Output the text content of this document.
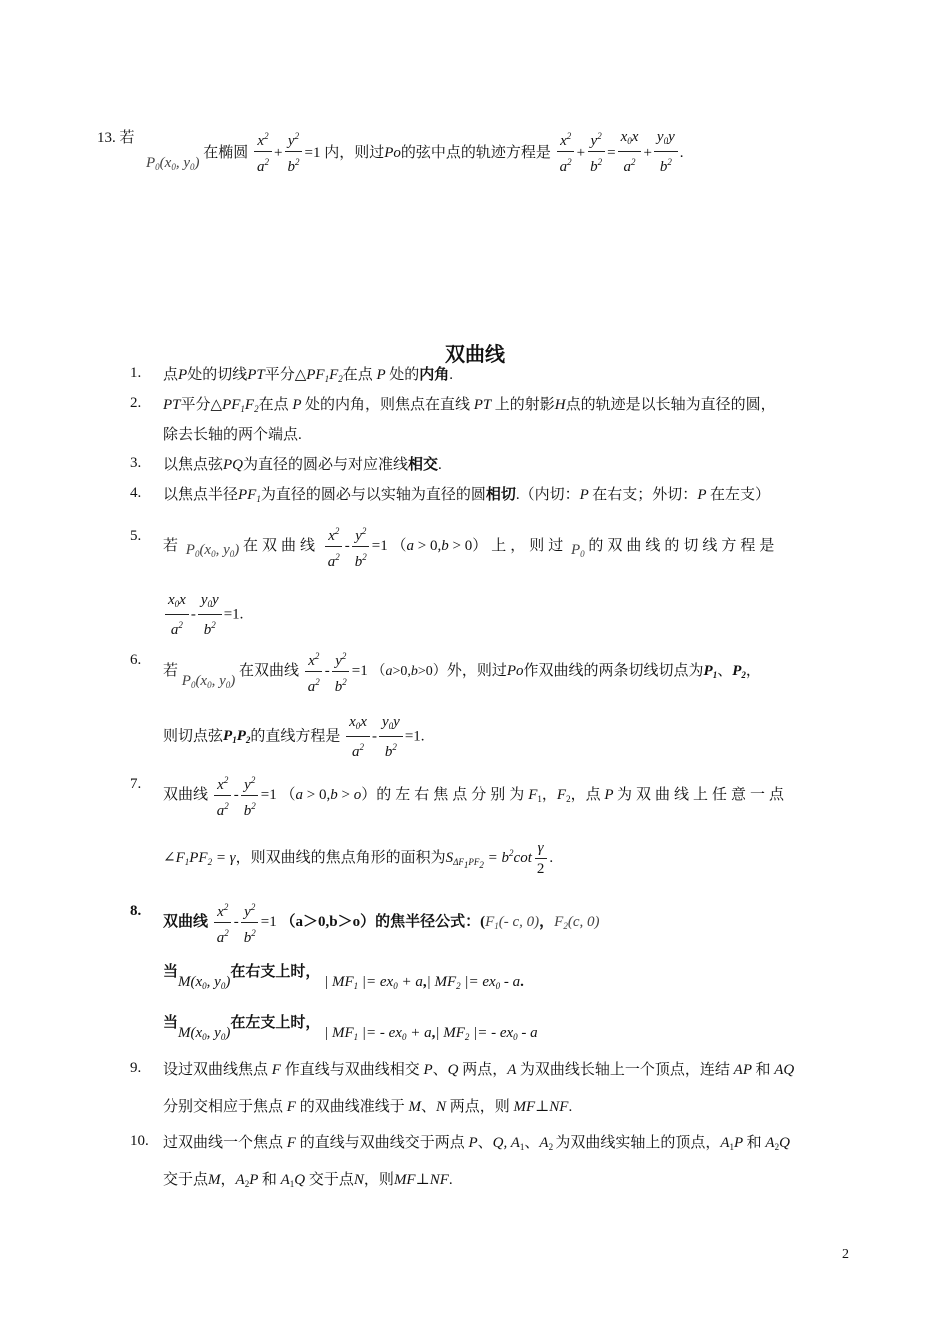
13. 若
$P_0(x_0$, $y_0$) 在椭圆 $\frac{x^2}{a^2} + \frac{y^2}{b^2} =1$ 内，则过Po的弦中点的轨迹方程是 $\frac{x^2}{a^2} + \frac{y^2}{b^2} = \frac{x_0x}{a^2} + \frac{y_0y}{b^2}$ .
双曲线
1.	点P处的切线PT平分$\triangle PF_1F_2$在点 P 处的内角.
2.	PT平分$\triangle PF_1F_2$在点 P 处的内角，则焦点在直线 PT 上的射影H点的轨迹是以长轴为直径的圆，
除去长轴的两个端点.
3.	以焦点弦PQ为直径的圆必与对应准线相交.
4.	以焦点半径$PF_1$为直径的圆必与以实轴为直径的圆相切.（内切：P 在右支；外切：P 在左支）
5.
若 $P_0(x_0$, $y_0$) 在双曲线 $\frac{x^2}{a^2} - \frac{y^2}{b^2} =1$ （a > 0,b > 0）上，则过 $P_0$ 的双曲线的切线方程是
$\frac{x_0x}{a^2} - \frac{y_0y}{b^2} =1$.
6.
若 $P_0(x_0$, $y_0$) 在双曲线 $\frac{x^2}{a^2} - \frac{y^2}{b^2} =1$ （a>0,b>0）外，则过Po作双曲线的两条切线切点为$P_1$、$P_2$，
则切点弦$P_1P_2$的直线方程是 $\frac{x_0x}{a^2} - \frac{y_0y}{b^2} =1$.
7.
双曲线 $\frac{x^2}{a^2} - \frac{y^2}{b^2} =1$ （a > 0,b > o）的左右焦点分别为$F_1$，$F_2$，点 P 为双曲线上任意一点
$\angle F_1PF_2 = \gamma$，则双曲线的焦点角形的面积为$S_{\Delta F_1PF_2} = b^2\cot \frac{\gamma}{2}$ .
8.
双曲线 $\frac{x^2}{a^2} - \frac{y^2}{b^2} =1$ （a＞0,b＞o）的焦半径公式：($F_1(-$ c, 0)，$F_2(c$, 0)
当$M(x_0$, $y_0$)在右支上时， | $MF_1$ |= $ex_0 + a,|$ $MF_2$ |= $ex_0$ - a.
当$M(x_0$, $y_0$)在左支上时， | $MF_1$ |= - $ex_0 + a,|$ $MF_2$ |= - $ex_0$ - a
9.	设过双曲线焦点 F 作直线与双曲线相交 P、Q 两点，A 为双曲线长轴上一个顶点，连结 AP 和 AQ
分别交相应于焦点 F 的双曲线准线于 M、N 两点，则 MF⊥NF.
10. 过双曲线一个焦点 F 的直线与双曲线交于两点 P、Q, $A_1$、$A_2$ 为双曲线实轴上的顶点，$A_1P$ 和 $A_2Q$
交于点M，$A_2P$ 和 $A_1Q$ 交于点N，则MF⊥NF.
2
